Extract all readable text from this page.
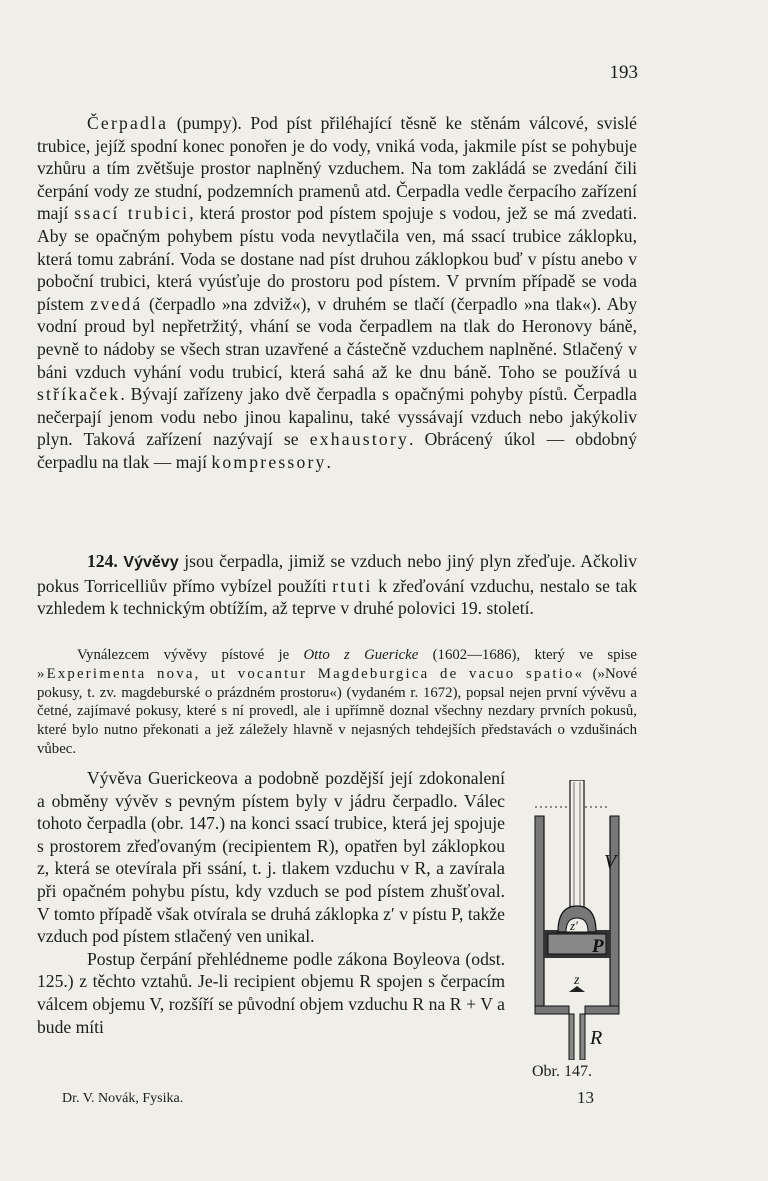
193

Čerpadla (pumpy). Pod píst přiléhající těsně ke stěnám válcové, svislé trubice, jejíž spodní konec ponořen je do vody, vniká voda, jakmile píst se pohybuje vzhůru a tím zvětšuje prostor naplněný vzduchem. Na tom zakládá se zvedání čili čerpání vody ze studní, podzemních pramenů atd. Čerpadla vedle čerpacího zařízení mají ssací trubici, která prostor pod pístem spojuje s vodou, jež se má zvedati. Aby se opačným pohybem pístu voda nevytlačila ven, má ssací trubice záklopku, která tomu zabrání. Voda se dostane nad píst druhou záklopkou buď v pístu anebo v poboční trubici, která vyúsťuje do prostoru pod pístem. V prvním případě se voda pístem zvedá (čerpadlo »na zdviž«), v druhém se tlačí (čerpadlo »na tlak«). Aby vodní proud byl nepřetržitý, vhání se voda čerpadlem na tlak do Heronovy báně, pevně to nádoby se všech stran uzavřené a částečně vzduchem naplněné. Stlačený v báni vzduch vyhání vodu trubicí, která sahá až ke dnu báně. Toho se používá u stříkaček. Bývají zařízeny jako dvě čerpadla s opačnými pohyby pístů. Čerpadla nečerpají jenom vodu nebo jinou kapalinu, také vyssávají vzduch nebo jakýkoliv plyn. Taková zařízení nazývají se exhaustory. Obrácený úkol — obdobný čerpadlu na tlak — mají kompressory.

124. Vývěvy jsou čerpadla, jimiž se vzduch nebo jiný plyn zřeďuje. Ačkoliv pokus Torricelliův přímo vybízel použíti rtuti k zřeďování vzduchu, nestalo se tak vzhledem k technickým obtížím, až teprve v druhé polovici 19. století.

Vynálezcem vývěvy pístové je Otto z Guericke (1602—1686), který ve spise »Experimenta nova, ut vocantur Magdeburgica de vacuo spatio« (»Nové pokusy, t. zv. magdeburské o prázdném prostoru«) (vydaném r. 1672), popsal nejen první vývěvu a četné, zajímavé pokusy, které s ní provedl, ale i upřímně doznal všechny nezdary prvních pokusů, které bylo nutno překonati a jež záležely hlavně v nejasných tehdejších představách o vzdušinách vůbec.

Vývěva Guerickeova a podobně pozdější její zdokonalení a obměny vývěv s pevným pístem byly v jádru čerpadlo. Válec tohoto čerpadla (obr. 147.) na konci ssací trubice, která jej spojuje s prostorem zřeďovaným (recipientem R), opatřen byl záklopkou z, která se otevírala při ssání, t. j. tlakem vzduchu v R, a zavírala při opačném pohybu pístu, kdy vzduch se pod pístem zhušťoval. V tomto případě však otvírala se druhá záklopka z′ v pístu P, takže vzduch pod pístem stlačený ven unikal.

Postup čerpání přehlédneme podle zákona Boyleova (odst. 125.) z těchto vztahů. Je-li recipient objemu R spojen s čerpacím válcem objemu V, rozšíří se původní objem vzduchu R na R + V a bude míti

V
z′
P
z
R
Obr. 147.
Dr. V. Novák, Fysika.	13
